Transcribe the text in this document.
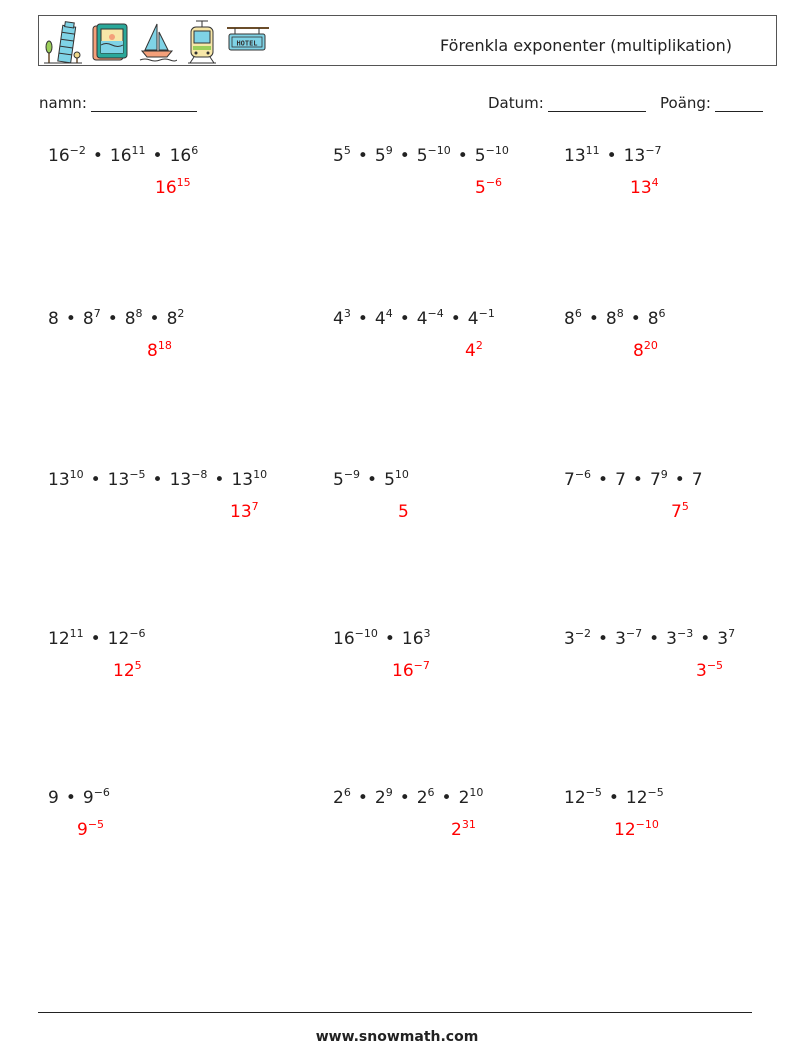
HOTEL	Förenkla exponenter (multiplikation)
namn:	Datum:	Poäng:
$16^{-2}$ • $16^{11}$ • $16^6$
$16^{15}$
$5^5$ • $5^9$ • $5^{-10}$ • $5^{-10}$
$5^{-6}$
$13^{11}$ • $13^{-7}$
$13^4$
8 • $8^7$ • $8^8$ • $8^2$
$8^{18}$
$4^3$ • $4^4$ • $4^{-4}$ • $4^{-1}$
$4^2$
$8^6$ • $8^8$ • $8^6$
$8^{20}$
$13^{10}$ • $13^{-5}$ • $13^{-8}$ • $13^{10}$
$13^7$
$5^{-9}$ • $5^{10}$
5
$7^{-6}$ • 7 • $7^9$ • 7
$7^5$
$12^{11}$ • $12^{-6}$
$12^5$
$16^{-10}$ • $16^3$
$16^{-7}$
$3^{-2}$ • $3^{-7}$ • $3^{-3}$ • $3^7$
$3^{-5}$
9 • $9^{-6}$
$9^{-5}$
$2^6$ • $2^9$ • $2^6$ • $2^{10}$
$2^{31}$
$12^{-5}$ • $12^{-5}$
$12^{-10}$
www.snowmath.com
